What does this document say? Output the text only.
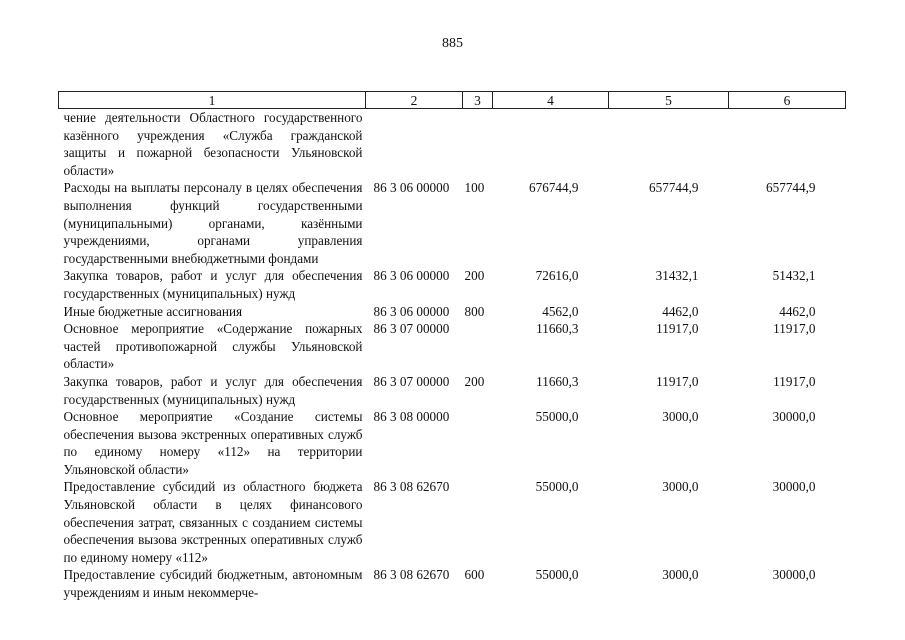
885
1	2	3	4	5	6
чение деятельности Областного государственного казённого учреждения «Служба гражданской защиты и пожарной безопасности Ульяновской области»					
Расходы на выплаты персоналу в целях обеспечения выполнения функций государственными (муниципальными) органами, казёнными учреждениями, органами управления государственными внебюджетными фондами	86 3 06 00000	100	676744,9	657744,9	657744,9
Закупка товаров, работ и услуг для обеспечения государственных (муниципальных) нужд	86 3 06 00000	200	72616,0	31432,1	51432,1
Иные бюджетные ассигнования	86 3 06 00000	800	4562,0	4462,0	4462,0
Основное мероприятие «Содержание пожарных частей противопожарной службы Ульяновской области»	86 3 07 00000		11660,3	11917,0	11917,0
Закупка товаров, работ и услуг для обеспечения государственных (муниципальных) нужд	86 3 07 00000	200	11660,3	11917,0	11917,0
Основное мероприятие «Создание системы обеспечения вызова экстренных оперативных служб по единому номеру «112» на территории Ульяновской области»	86 3 08 00000		55000,0	3000,0	30000,0
Предоставление субсидий из областного бюджета Ульяновской области в целях финансового обеспечения затрат, связанных с созданием системы обеспечения вызова экстренных оперативных служб по единому номеру «112»	86 3 08 62670		55000,0	3000,0	30000,0
Предоставление субсидий бюджетным, автономным учреждениям и иным некоммерче-	86 3 08 62670	600	55000,0	3000,0	30000,0
